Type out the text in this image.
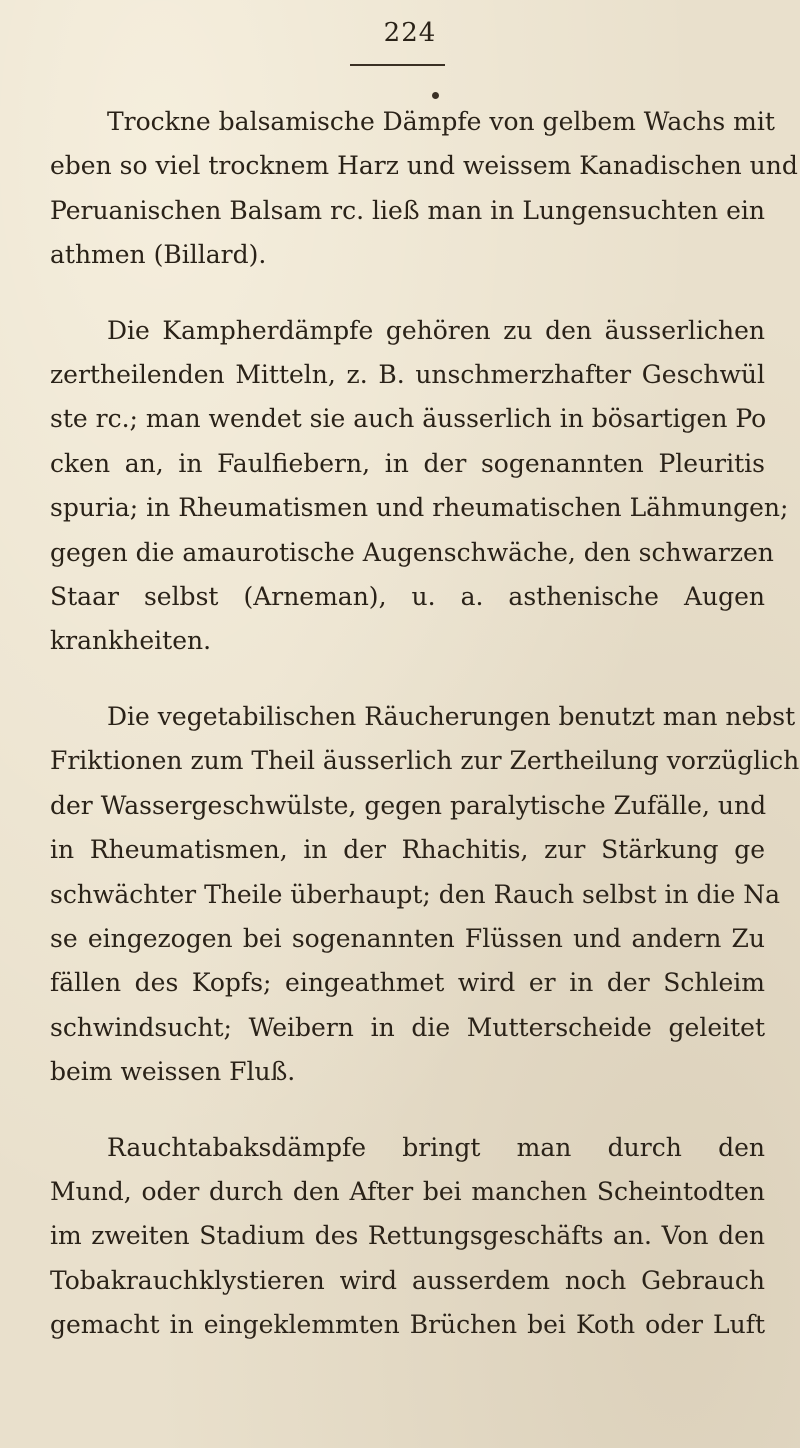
224

Trockne balsamische Dämpfe von gelbem Wachs mit
eben so viel trocknem Harz und weissem Kanadischen und
Peruanischen Balsam rc. ließ man in Lungensuchten ein
athmen (Billard).

Die Kampherdämpfe gehören zu den äusserlichen
zertheilenden Mitteln, z. B. unschmerzhafter Geschwül
ste rc.; man wendet sie auch äusserlich in bösartigen Po
cken an, in Faulfiebern, in der sogenannten Pleuritis
spuria; in Rheumatismen und rheumatischen Lähmungen;
gegen die amaurotische Augenschwäche, den schwarzen
Staar selbst (Arneman), u. a. asthenische Augen
krankheiten.

Die vegetabilischen Räucherungen benutzt man nebst
Friktionen zum Theil äusserlich zur Zertheilung vorzüglich
der Wassergeschwülste, gegen paralytische Zufälle, und
in Rheumatismen, in der Rhachitis, zur Stärkung ge
schwächter Theile überhaupt; den Rauch selbst in die Na
se eingezogen bei sogenannten Flüssen und andern Zu
fällen des Kopfs; eingeathmet wird er in der Schleim
schwindsucht; Weibern in die Mutterscheide geleitet
beim weissen Fluß.

Rauchtabaksdämpfe bringt man durch den
Mund, oder durch den After bei manchen Scheintodten
im zweiten Stadium des Rettungsgeschäfts an. Von den
Tobakrauchklystieren wird ausserdem noch Gebrauch
gemacht in eingeklemmten Brüchen bei Koth oder Luft
